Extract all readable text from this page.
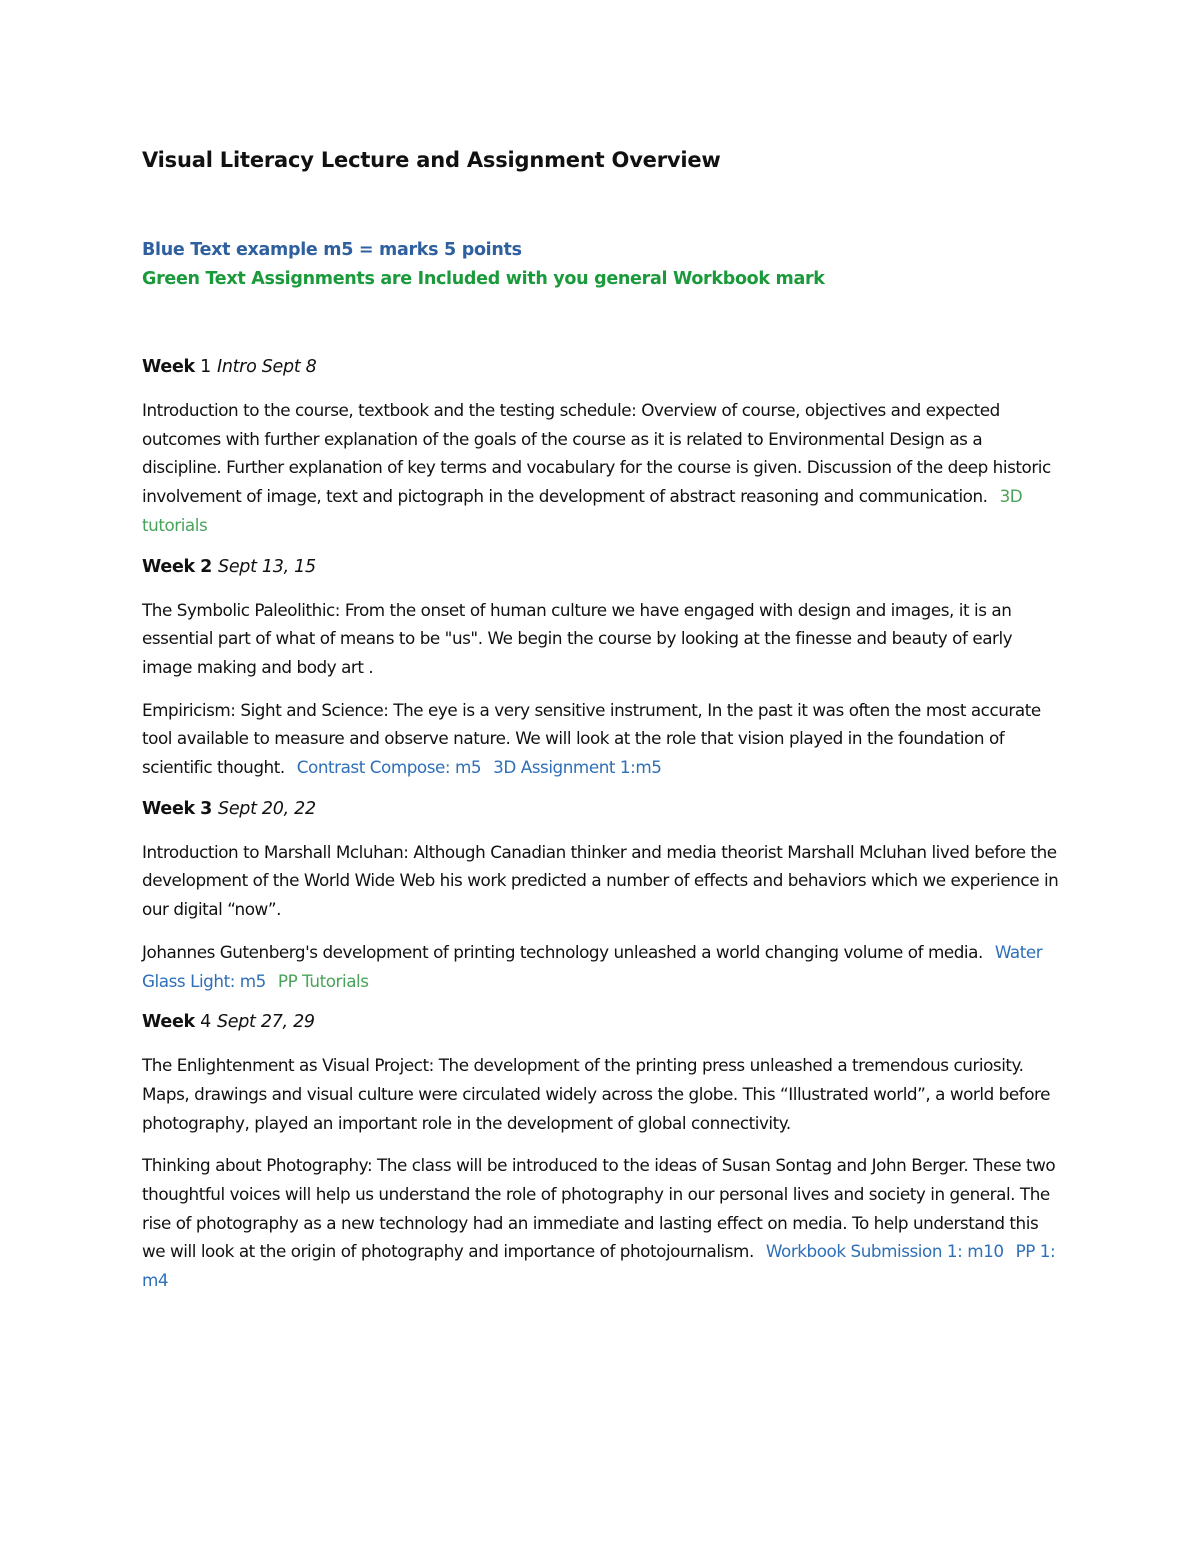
Visual Literacy Lecture and Assignment Overview
Blue Text example m5 = marks 5 points
Green Text Assignments are Included with you general Workbook mark
Week 1 Intro Sept 8

Introduction to the course, textbook and the testing schedule: Overview of course, objectives and expected outcomes with further explanation of the goals of the course as it is related to Environmental Design as a discipline. Further explanation of key terms and vocabulary for the course is given. Discussion of the deep historic involvement of image, text and pictograph in the development of abstract reasoning and communication. 3D tutorials

Week 2 Sept 13, 15

The Symbolic Paleolithic: From the onset of human culture we have engaged with design and images, it is an essential part of what of means to be "us". We begin the course by looking at the finesse and beauty of early image making and body art .

Empiricism: Sight and Science: The eye is a very sensitive instrument, In the past it was often the most accurate tool available to measure and observe nature. We will look at the role that vision played in the foundation of scientific thought. Contrast Compose: m5 3D Assignment 1:m5

Week 3 Sept 20, 22

Introduction to Marshall Mcluhan: Although Canadian thinker and media theorist Marshall Mcluhan lived before the development of the World Wide Web his work predicted a number of effects and behaviors which we experience in our digital “now”.

Johannes Gutenberg's development of printing technology unleashed a world changing volume of media. Water Glass Light: m5 PP Tutorials

Week 4 Sept 27, 29

The Enlightenment as Visual Project: The development of the printing press unleashed a tremendous curiosity. Maps, drawings and visual culture were circulated widely across the globe. This “Illustrated world”, a world before photography, played an important role in the development of global connectivity.

Thinking about Photography: The class will be introduced to the ideas of Susan Sontag and John Berger. These two thoughtful voices will help us understand the role of photography in our personal lives and society in general. The rise of photography as a new technology had an immediate and lasting effect on media. To help understand this we will look at the origin of photography and importance of photojournalism. Workbook Submission 1: m10 PP 1: m4
